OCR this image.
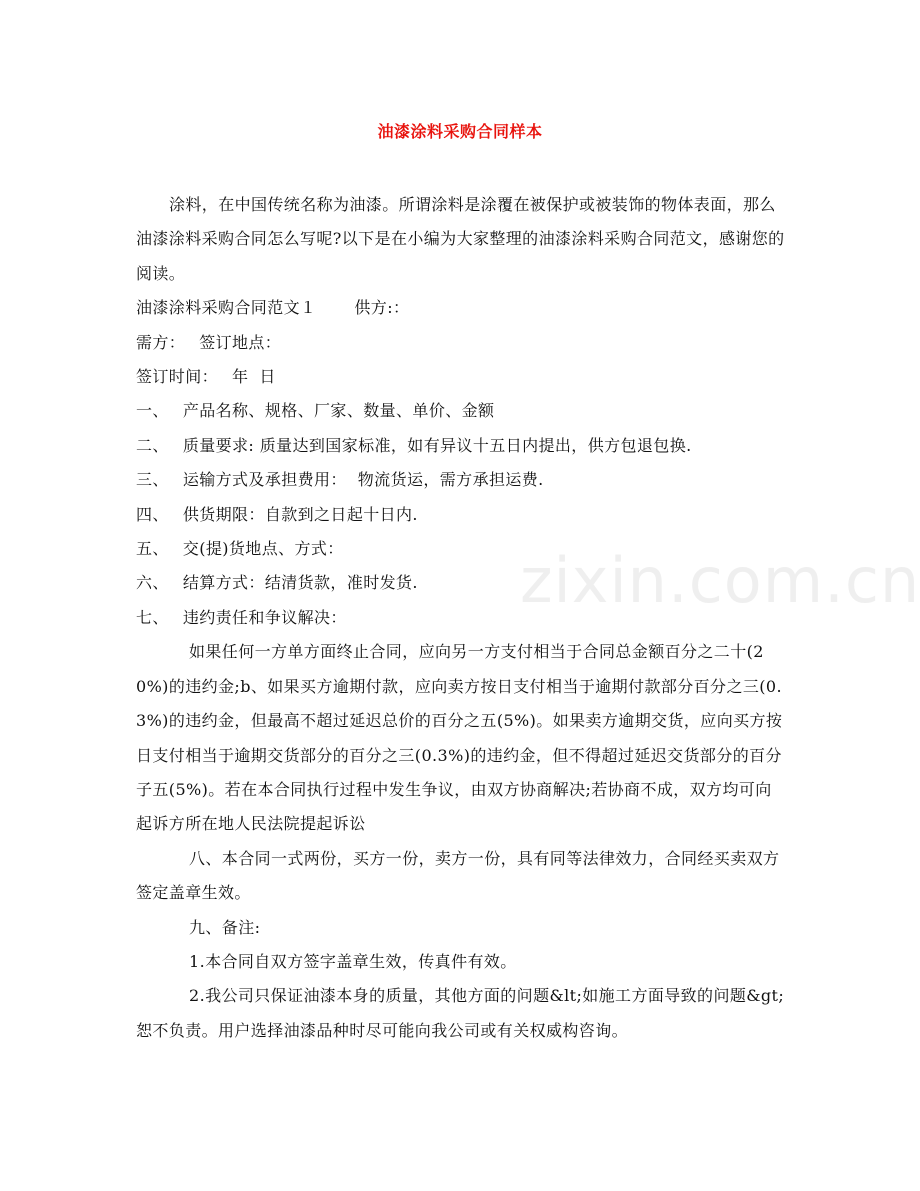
油漆涂料采购合同样本

涂料，在中国传统名称为油漆。所谓涂料是涂覆在被保护或被装饰的物体表面，那么油漆涂料采购合同怎么写呢?以下是在小编为大家整理的油漆涂料采购合同范文，感谢您的阅读。

油漆涂料采购合同范文１ 供方:：

需方： 签订地点：

签订时间： 年  日

一、 产品名称、规格、厂家、数量、单价、金额

二、 质量要求: 质量达到国家标准，如有异议十五日内提出，供方包退包换.

三、 运输方式及承担费用：  物流货运，需方承担运费.

四、 供货期限：自款到之日起十日内.

五、 交(提)货地点、方式：

六、 结算方式：结清货款，准时发货.

七、 违约责任和争议解决：

如果任何一方单方面终止合同，应向另一方支付相当于合同总金额百分之二十(20%)的违约金;b、如果买方逾期付款，应向卖方按日支付相当于逾期付款部分百分之三(0.3%)的违约金，但最高不超过延迟总价的百分之五(5%)。如果卖方逾期交货，应向买方按日支付相当于逾期交货部分的百分之三(0.3%)的违约金，但不得超过延迟交货部分的百分子五(5%)。若在本合同执行过程中发生争议，由双方协商解决;若协商不成，双方均可向起诉方所在地人民法院提起诉讼

八、本合同一式两份，买方一份，卖方一份，具有同等法律效力，合同经买卖双方签定盖章生效。

九、备注:

1.本合同自双方签字盖章生效，传真件有效。

2.我公司只保证油漆本身的质量，其他方面的问题&lt;如施工方面导致的问题&gt;恕不负责。用户选择油漆品种时尽可能向我公司或有关权威构咨询。

zixin.com.cn
